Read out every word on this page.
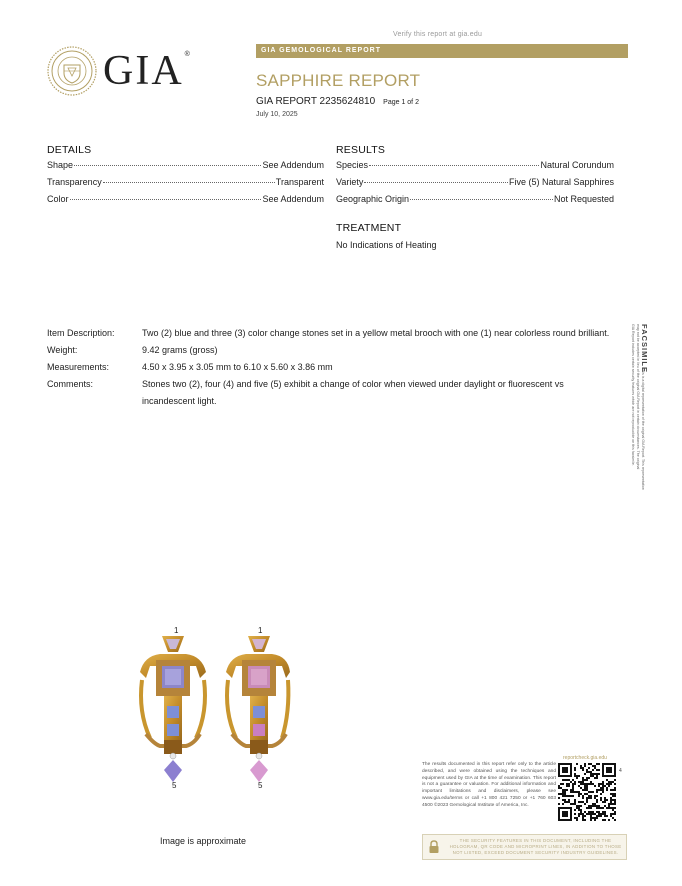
Verify this report at gia.edu
GIA ®
GIA GEMOLOGICAL REPORT
SAPPHIRE REPORT
GIA REPORT 2235624810 Page 1 of 2
July 10, 2025
DETAILS
Shape	See Addendum
Transparency	Transparent
Color	See Addendum
RESULTS
Species	Natural Corundum
Variety	Five (5) Natural Sapphires
Geographic Origin	Not Requested
TREATMENT
No Indications of Heating
Item Description:	Two (2) blue and three (3) color change stones set in a yellow metal brooch with one (1) near colorless round brilliant.
Weight:	9.42 grams (gross)
Measurements:	4.50 x 3.95 x 3.05 mm to 6.10 x 5.60 x 3.86 mm
Comments:	Stones two (2), four (4) and five (5) exhibit a change of color when viewed under daylight or fluorescent vs incandescent light.
FACSIMILE
This is a digital representation of the original GIA Report. This representation
may not be accepted in lieu of the original GIA Report in certain circumstances. The original
GIA Report includes certain security features which are not reproducible on this facsimile.
1	1
5	5
Image is approximate
The results documented in this report refer only to the article described, and were obtained using the techniques and equipment used by GIA at the time of examination. This report is not a guarantee or valuation. For additional information and important limitations and disclaimers, please see www.gia.edu/terms or call +1 800 421 7250 or +1 760 603 4500 ©2023 Gemological Institute of America, Inc.
reportcheck.gia.edu
4
THE SECURITY FEATURES IN THIS DOCUMENT, INCLUDING THE HOLOGRAM, QR CODE AND MICROPRINT LINES, IN ADDITION TO THOSE NOT LISTED, EXCEED DOCUMENT SECURITY INDUSTRY GUIDELINES.
